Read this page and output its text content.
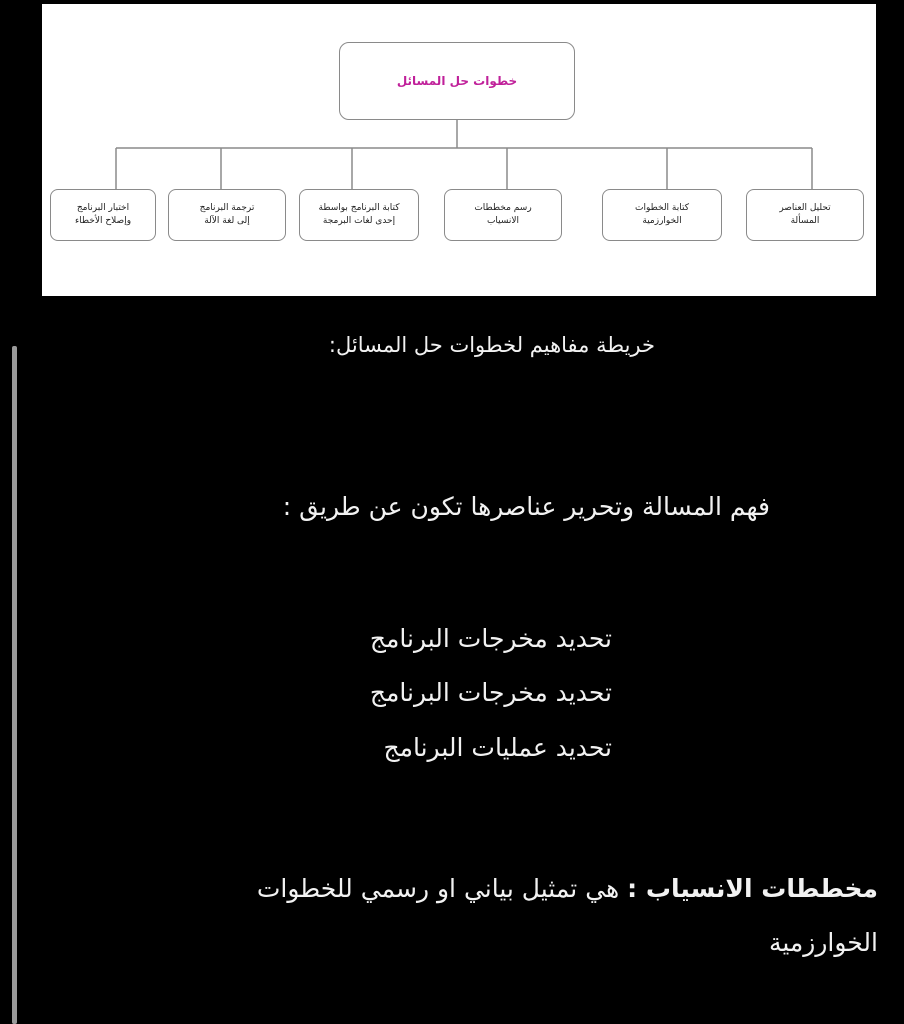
خطوات حل المسائل
تحليل العناصر
المسألة
كتابة الخطوات
الخوارزمية
رسم مخططات
الانسياب
كتابة البرنامج بواسطة
إحدى لغات البرمجة
ترجمة البرنامج
إلى لغة الآلة
اختبار البرنامج
وإصلاح الأخطاء
خريطة مفاهيم لخطوات حل المسائل:
فهم المسالة وتحرير عناصرها تكون عن طريق :
تحديد مخرجات البرنامج
تحديد مخرجات البرنامج
تحديد عمليات البرنامج
مخططات الانسياب : هي تمثيل بياني او رسمي للخطوات الخوارزمية
